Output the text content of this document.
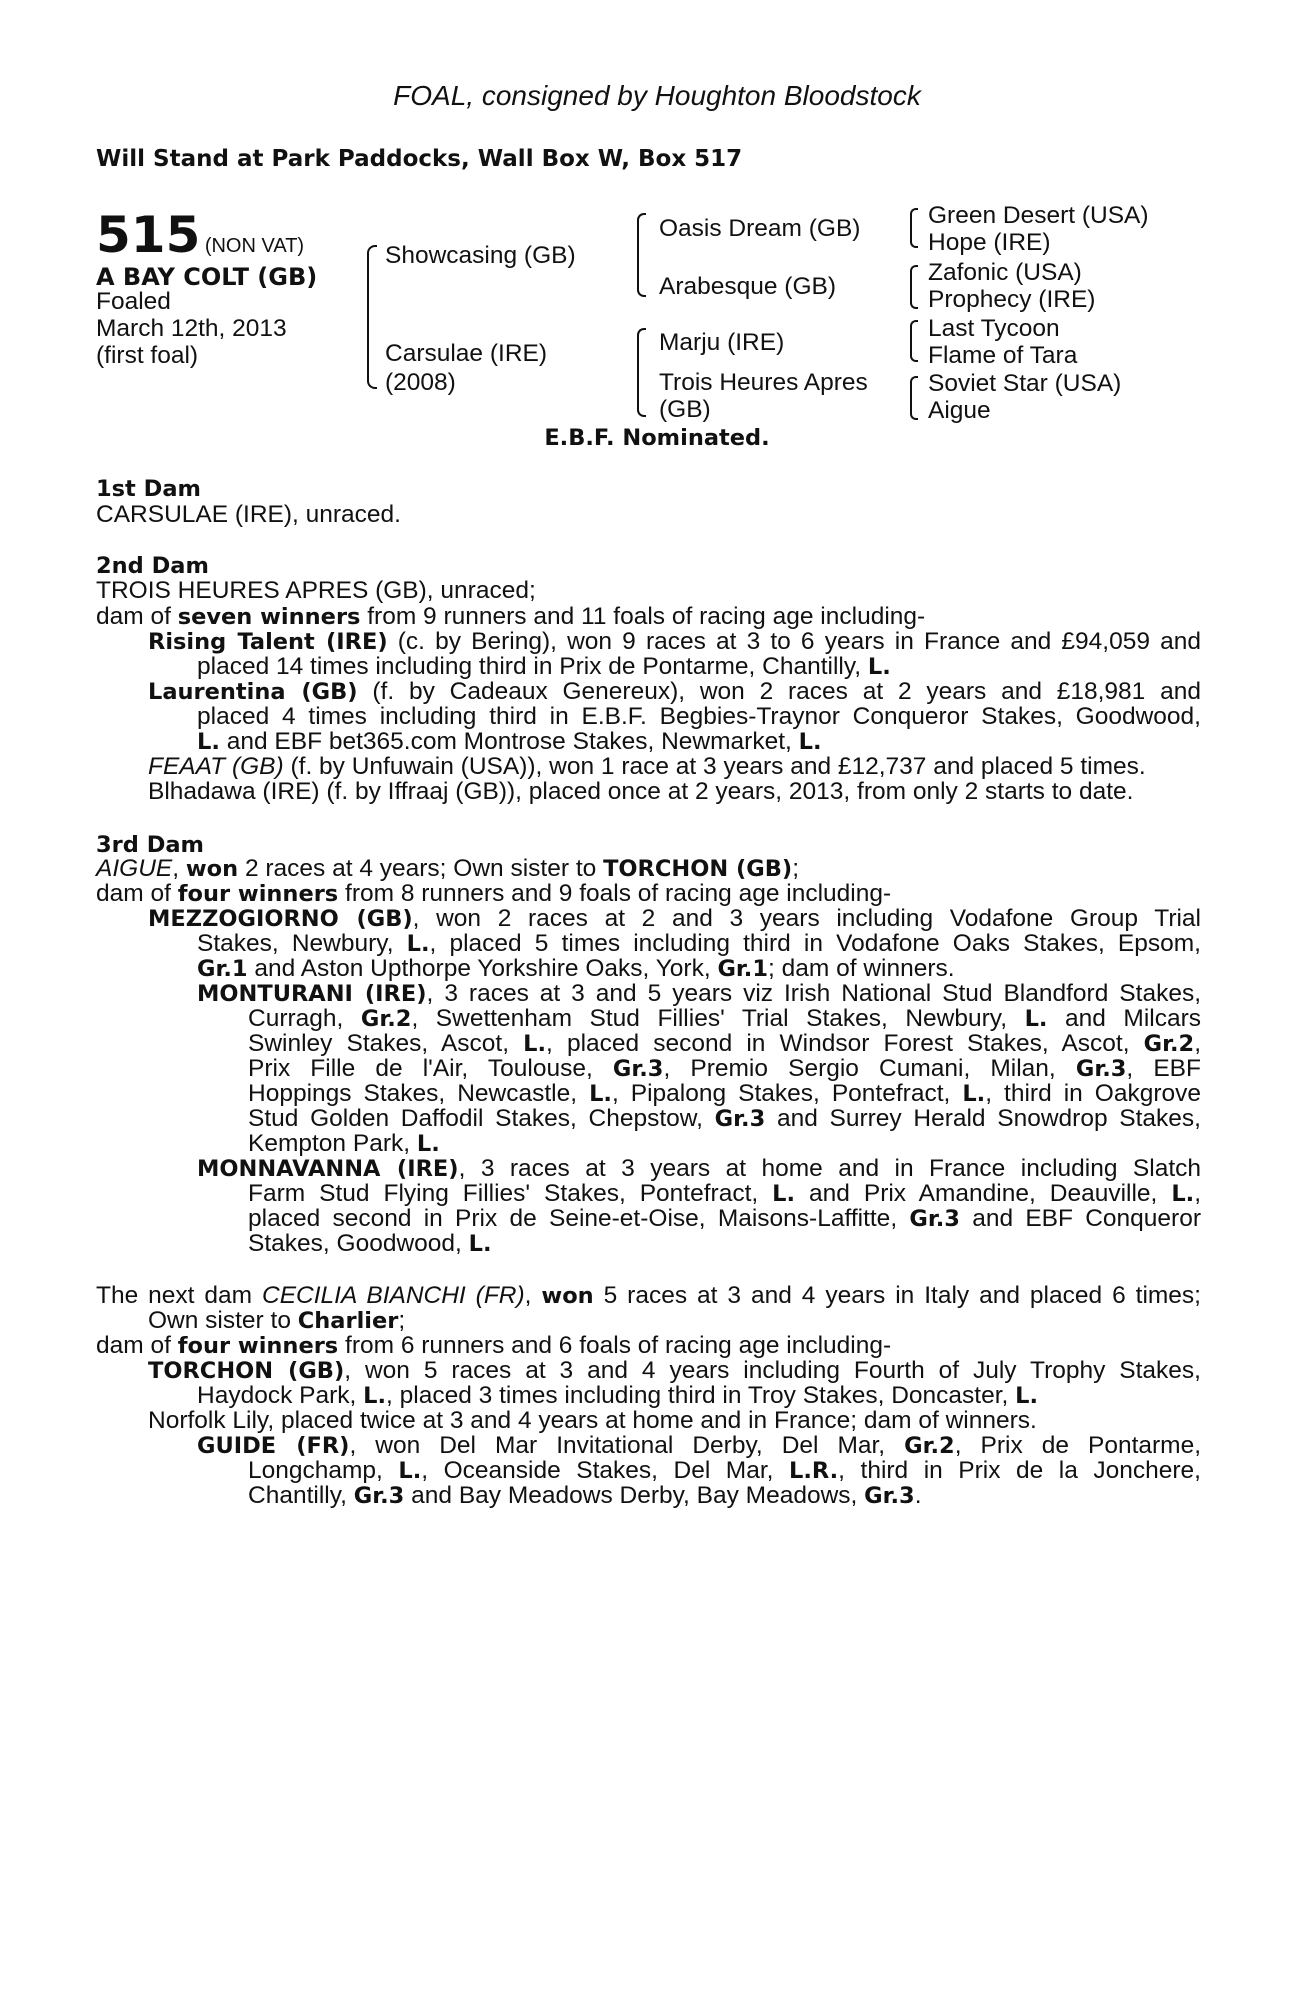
FOAL, consigned by Houghton Bloodstock
Will Stand at Park Paddocks, Wall Box W, Box 517
515 (NON VAT)
A BAY COLT (GB)
Foaled
March 12th, 2013
(first foal)
Showcasing (GB)
Carsulae (IRE)
(2008)
Oasis Dream (GB)
Arabesque (GB)
Marju (IRE)
Trois Heures Apres
(GB)
Green Desert (USA)
Hope (IRE)
Zafonic (USA)
Prophecy (IRE)
Last Tycoon
Flame of Tara
Soviet Star (USA)
Aigue
E.B.F. Nominated.
1st Dam
CARSULAE (IRE), unraced.
2nd Dam
TROIS HEURES APRES (GB), unraced;
dam of seven winners from 9 runners and 11 foals of racing age including-
Rising Talent (IRE) (c. by Bering), won 9 races at 3 to 6 years in France and £94,059 and
placed 14 times including third in Prix de Pontarme, Chantilly, L.
Laurentina (GB) (f. by Cadeaux Genereux), won 2 races at 2 years and £18,981 and
placed 4 times including third in E.B.F. Begbies-Traynor Conqueror Stakes, Goodwood,
L. and EBF bet365.com Montrose Stakes, Newmarket, L.
FEAAT (GB) (f. by Unfuwain (USA)), won 1 race at 3 years and £12,737 and placed 5 times.
Blhadawa (IRE) (f. by Iffraaj (GB)), placed once at 2 years, 2013, from only 2 starts to date.
3rd Dam
AIGUE, won 2 races at 4 years; Own sister to TORCHON (GB);
dam of four winners from 8 runners and 9 foals of racing age including-
MEZZOGIORNO (GB), won 2 races at 2 and 3 years including Vodafone Group Trial
Stakes, Newbury, L., placed 5 times including third in Vodafone Oaks Stakes, Epsom,
Gr.1 and Aston Upthorpe Yorkshire Oaks, York, Gr.1; dam of winners.
MONTURANI (IRE), 3 races at 3 and 5 years viz Irish National Stud Blandford Stakes,
Curragh, Gr.2, Swettenham Stud Fillies' Trial Stakes, Newbury, L. and Milcars
Swinley Stakes, Ascot, L., placed second in Windsor Forest Stakes, Ascot, Gr.2,
Prix Fille de l'Air, Toulouse, Gr.3, Premio Sergio Cumani, Milan, Gr.3, EBF
Hoppings Stakes, Newcastle, L., Pipalong Stakes, Pontefract, L., third in Oakgrove
Stud Golden Daffodil Stakes, Chepstow, Gr.3 and Surrey Herald Snowdrop Stakes,
Kempton Park, L.
MONNAVANNA (IRE), 3 races at 3 years at home and in France including Slatch
Farm Stud Flying Fillies' Stakes, Pontefract, L. and Prix Amandine, Deauville, L.,
placed second in Prix de Seine-et-Oise, Maisons-Laffitte, Gr.3 and EBF Conqueror
Stakes, Goodwood, L.
The next dam CECILIA BIANCHI (FR), won 5 races at 3 and 4 years in Italy and placed 6 times;
Own sister to Charlier;
dam of four winners from 6 runners and 6 foals of racing age including-
TORCHON (GB), won 5 races at 3 and 4 years including Fourth of July Trophy Stakes,
Haydock Park, L., placed 3 times including third in Troy Stakes, Doncaster, L.
Norfolk Lily, placed twice at 3 and 4 years at home and in France; dam of winners.
GUIDE (FR), won Del Mar Invitational Derby, Del Mar, Gr.2, Prix de Pontarme,
Longchamp, L., Oceanside Stakes, Del Mar, L.R., third in Prix de la Jonchere,
Chantilly, Gr.3 and Bay Meadows Derby, Bay Meadows, Gr.3.
